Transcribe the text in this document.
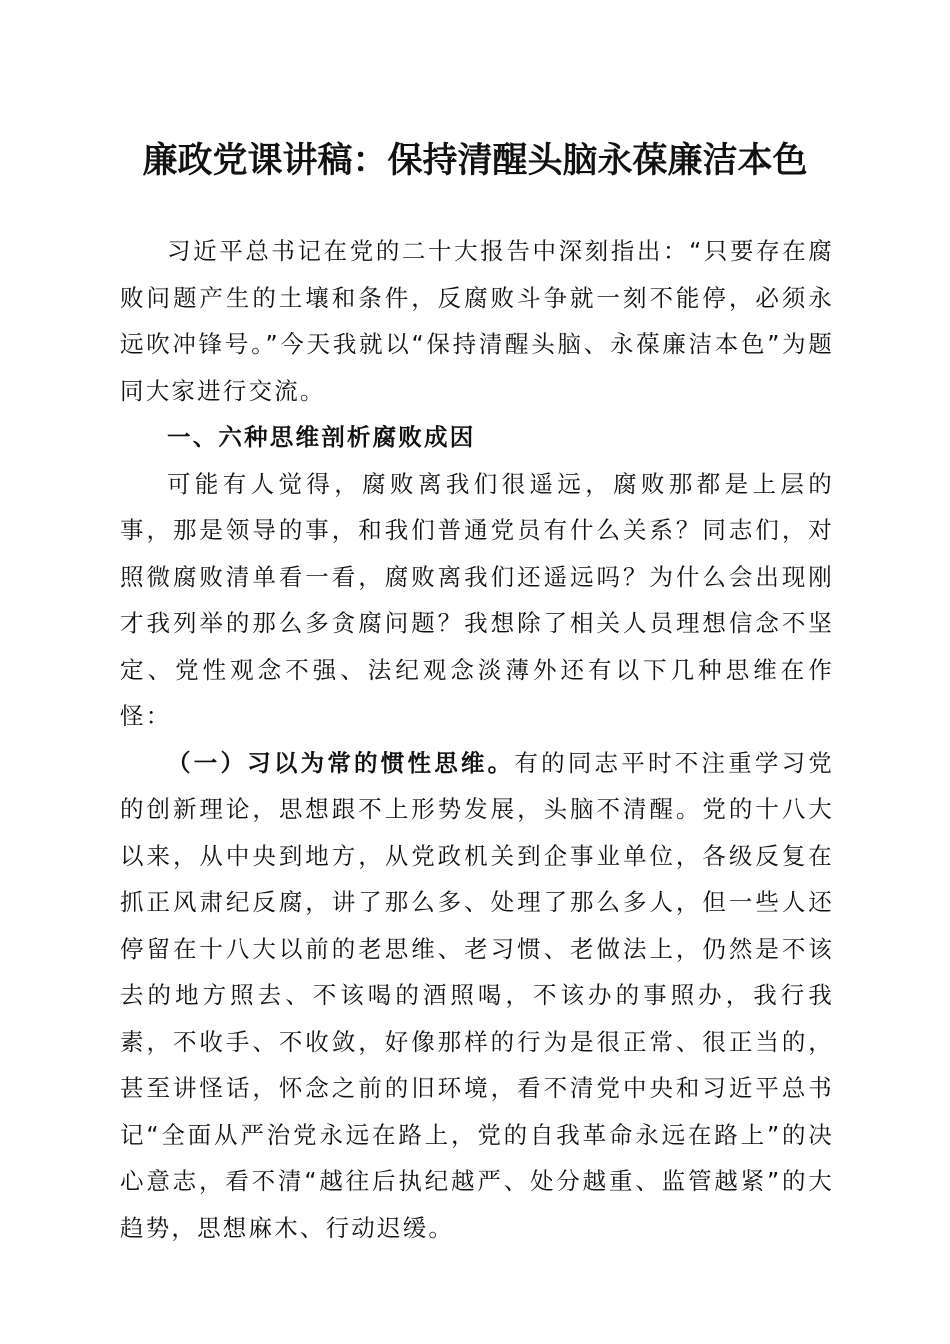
廉政党课讲稿：保持清醒头脑永葆廉洁本色

习近平总书记在党的二十大报告中深刻指出：“只要存在腐败问题产生的土壤和条件，反腐败斗争就一刻不能停，必须永远吹冲锋号。”今天我就以“保持清醒头脑、永葆廉洁本色”为题同大家进行交流。

一、六种思维剖析腐败成因

可能有人觉得，腐败离我们很遥远，腐败那都是上层的事，那是领导的事，和我们普通党员有什么关系？同志们，对照微腐败清单看一看，腐败离我们还遥远吗？为什么会出现刚才我列举的那么多贪腐问题？我想除了相关人员理想信念不坚定、党性观念不强、法纪观念淡薄外还有以下几种思维在作怪：

（一）习以为常的惯性思维。有的同志平时不注重学习党的创新理论，思想跟不上形势发展，头脑不清醒。党的十八大以来，从中央到地方，从党政机关到企事业单位，各级反复在抓正风肃纪反腐，讲了那么多、处理了那么多人，但一些人还停留在十八大以前的老思维、老习惯、老做法上，仍然是不该去的地方照去、不该喝的酒照喝，不该办的事照办，我行我素，不收手、不收敛，好像那样的行为是很正常、很正当的，甚至讲怪话，怀念之前的旧环境，看不清党中央和习近平总书记“全面从严治党永远在路上，党的自我革命永远在路上”的决心意志，看不清“越往后执纪越严、处分越重、监管越紧”的大趋势，思想麻木、行动迟缓。
